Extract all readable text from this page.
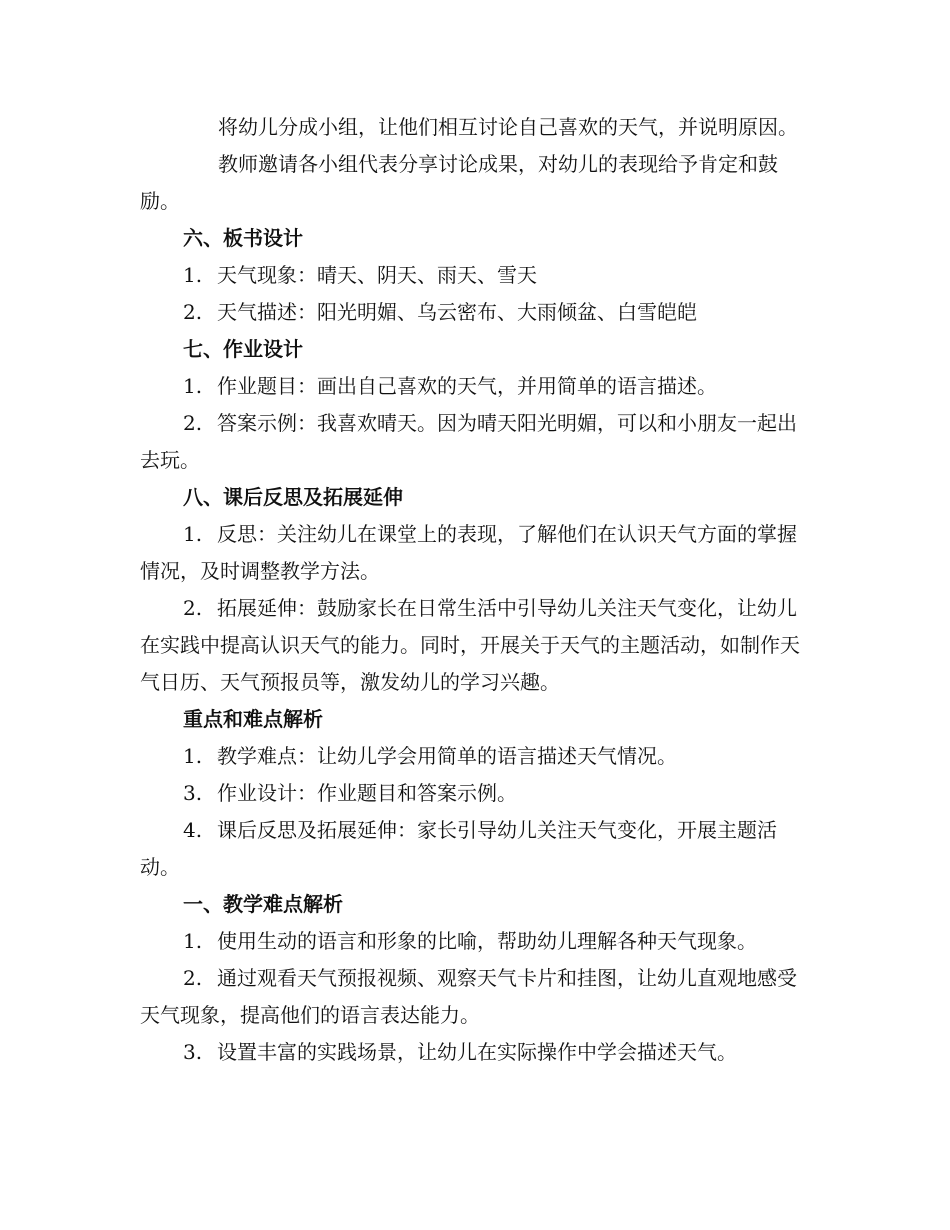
将幼儿分成小组，让他们相互讨论自己喜欢的天气，并说明原因。

教师邀请各小组代表分享讨论成果，对幼儿的表现给予肯定和鼓励。

六、板书设计

1. 天气现象：晴天、阴天、雨天、雪天

2. 天气描述：阳光明媚、乌云密布、大雨倾盆、白雪皑皑

七、作业设计

1. 作业题目：画出自己喜欢的天气，并用简单的语言描述。

2. 答案示例：我喜欢晴天。因为晴天阳光明媚，可以和小朋友一起出去玩。

八、课后反思及拓展延伸

1. 反思：关注幼儿在课堂上的表现，了解他们在认识天气方面的掌握情况，及时调整教学方法。

2. 拓展延伸：鼓励家长在日常生活中引导幼儿关注天气变化，让幼儿在实践中提高认识天气的能力。同时，开展关于天气的主题活动，如制作天气日历、天气预报员等，激发幼儿的学习兴趣。

重点和难点解析

1. 教学难点：让幼儿学会用简单的语言描述天气情况。

3. 作业设计：作业题目和答案示例。

4. 课后反思及拓展延伸：家长引导幼儿关注天气变化，开展主题活动。

一、教学难点解析

1. 使用生动的语言和形象的比喻，帮助幼儿理解各种天气现象。

2. 通过观看天气预报视频、观察天气卡片和挂图，让幼儿直观地感受天气现象，提高他们的语言表达能力。

3. 设置丰富的实践场景，让幼儿在实际操作中学会描述天气。
